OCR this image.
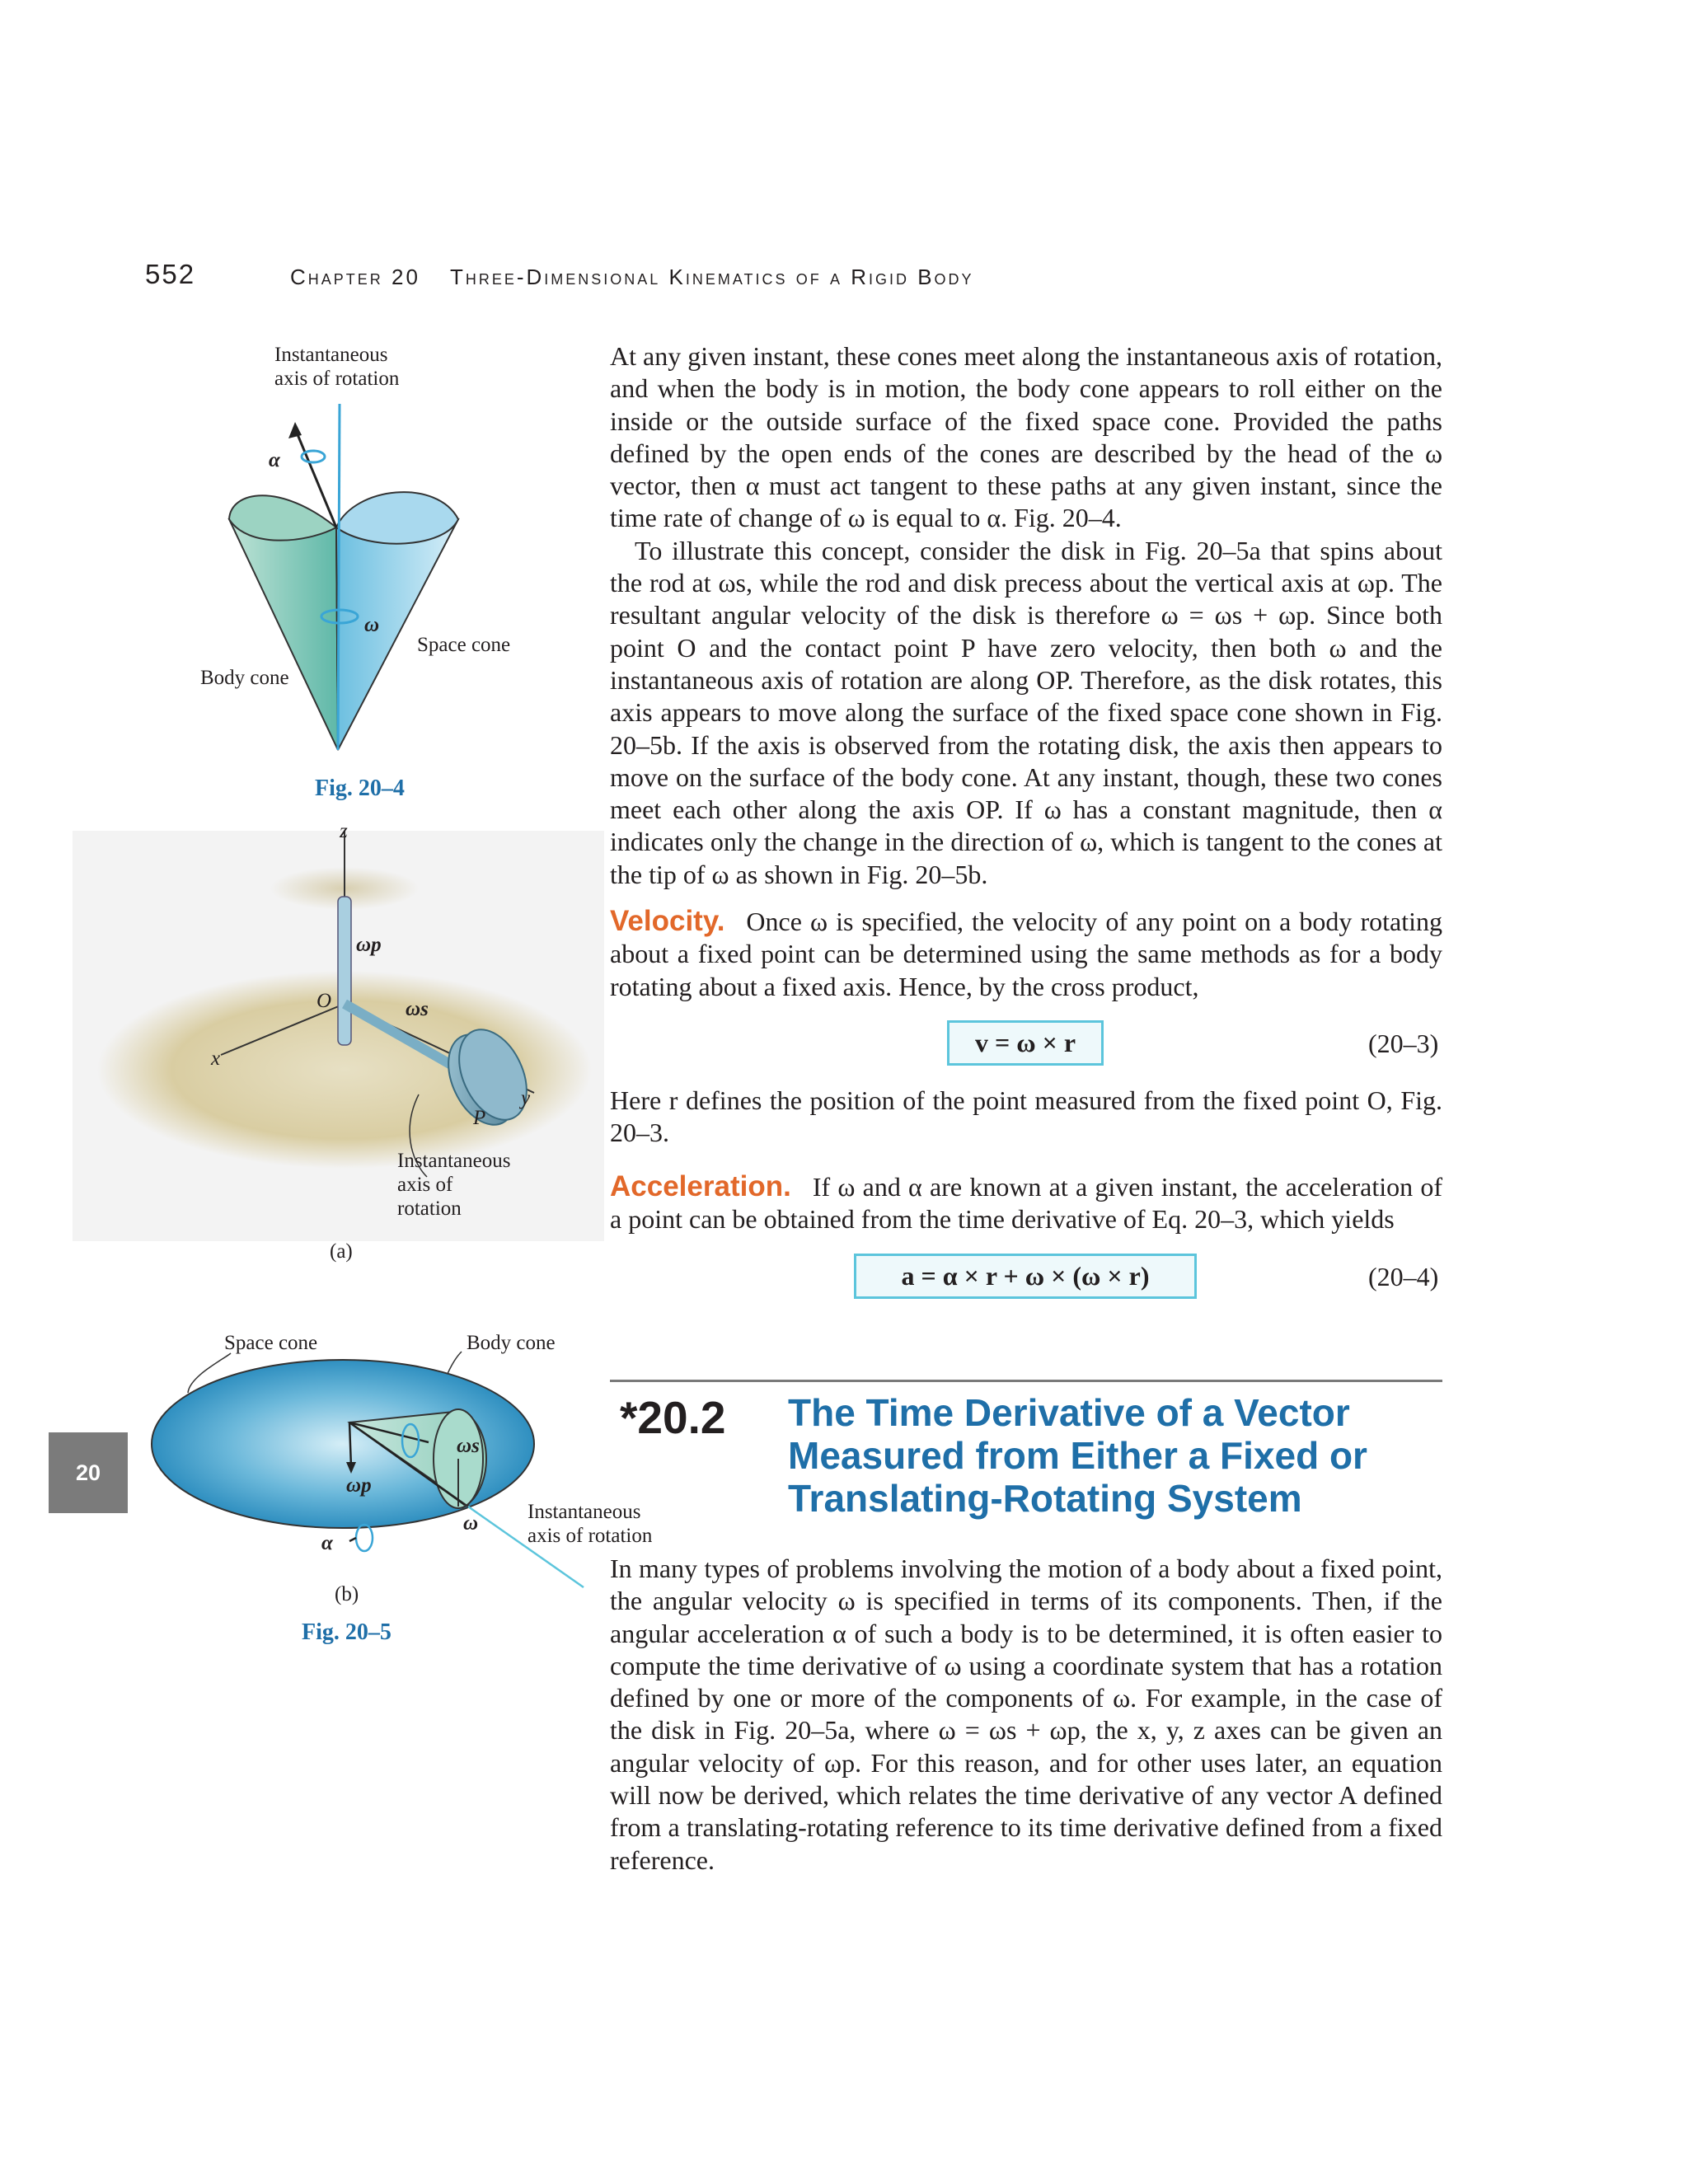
552	Chapter 20 Three-Dimensional Kinematics of a Rigid Body
20
Instantaneous
axis of rotation
α
ω
Space cone
Body cone
Fig. 20–4
z
ωp
O	ωs
x
y
P
Instantaneous
axis of
rotation
(a)
Space cone	Body cone
ωs
ωp
ω
α
Instantaneous
axis of rotation
(b)
Fig. 20–5

At any given instant, these cones meet along the instantaneous axis of rotation, and when the body is in motion, the body cone appears to roll either on the inside or the outside surface of the fixed space cone. Provided the paths defined by the open ends of the cones are described by the head of the ω vector, then α must act tangent to these paths at any given instant, since the time rate of change of ω is equal to α. Fig. 20–4.

To illustrate this concept, consider the disk in Fig. 20–5a that spins about the rod at ωs, while the rod and disk precess about the vertical axis at ωp. The resultant angular velocity of the disk is therefore ω = ωs + ωp. Since both point O and the contact point P have zero velocity, then both ω and the instantaneous axis of rotation are along OP. Therefore, as the disk rotates, this axis appears to move along the surface of the fixed space cone shown in Fig. 20–5b. If the axis is observed from the rotating disk, the axis then appears to move on the surface of the body cone. At any instant, though, these two cones meet each other along the axis OP. If ω has a constant magnitude, then α indicates only the change in the direction of ω, which is tangent to the cones at the tip of ω as shown in Fig. 20–5b.

Velocity. Once ω is specified, the velocity of any point on a body rotating about a fixed point can be determined using the same methods as for a body rotating about a fixed axis. Hence, by the cross product,

v = ω × r	(20–3)

Here r defines the position of the point measured from the fixed point O, Fig. 20–3.

Acceleration. If ω and α are known at a given instant, the acceleration of a point can be obtained from the time derivative of Eq. 20–3, which yields

a = α × r + ω × (ω × r)	(20–4)
*20.2 The Time Derivative of a Vector Measured from Either a Fixed or Translating-Rotating System

In many types of problems involving the motion of a body about a fixed point, the angular velocity ω is specified in terms of its components. Then, if the angular acceleration α of such a body is to be determined, it is often easier to compute the time derivative of ω using a coordinate system that has a rotation defined by one or more of the components of ω. For example, in the case of the disk in Fig. 20–5a, where ω = ωs + ωp, the x, y, z axes can be given an angular velocity of ωp. For this reason, and for other uses later, an equation will now be derived, which relates the time derivative of any vector A defined from a translating-rotating reference to its time derivative defined from a fixed reference.
